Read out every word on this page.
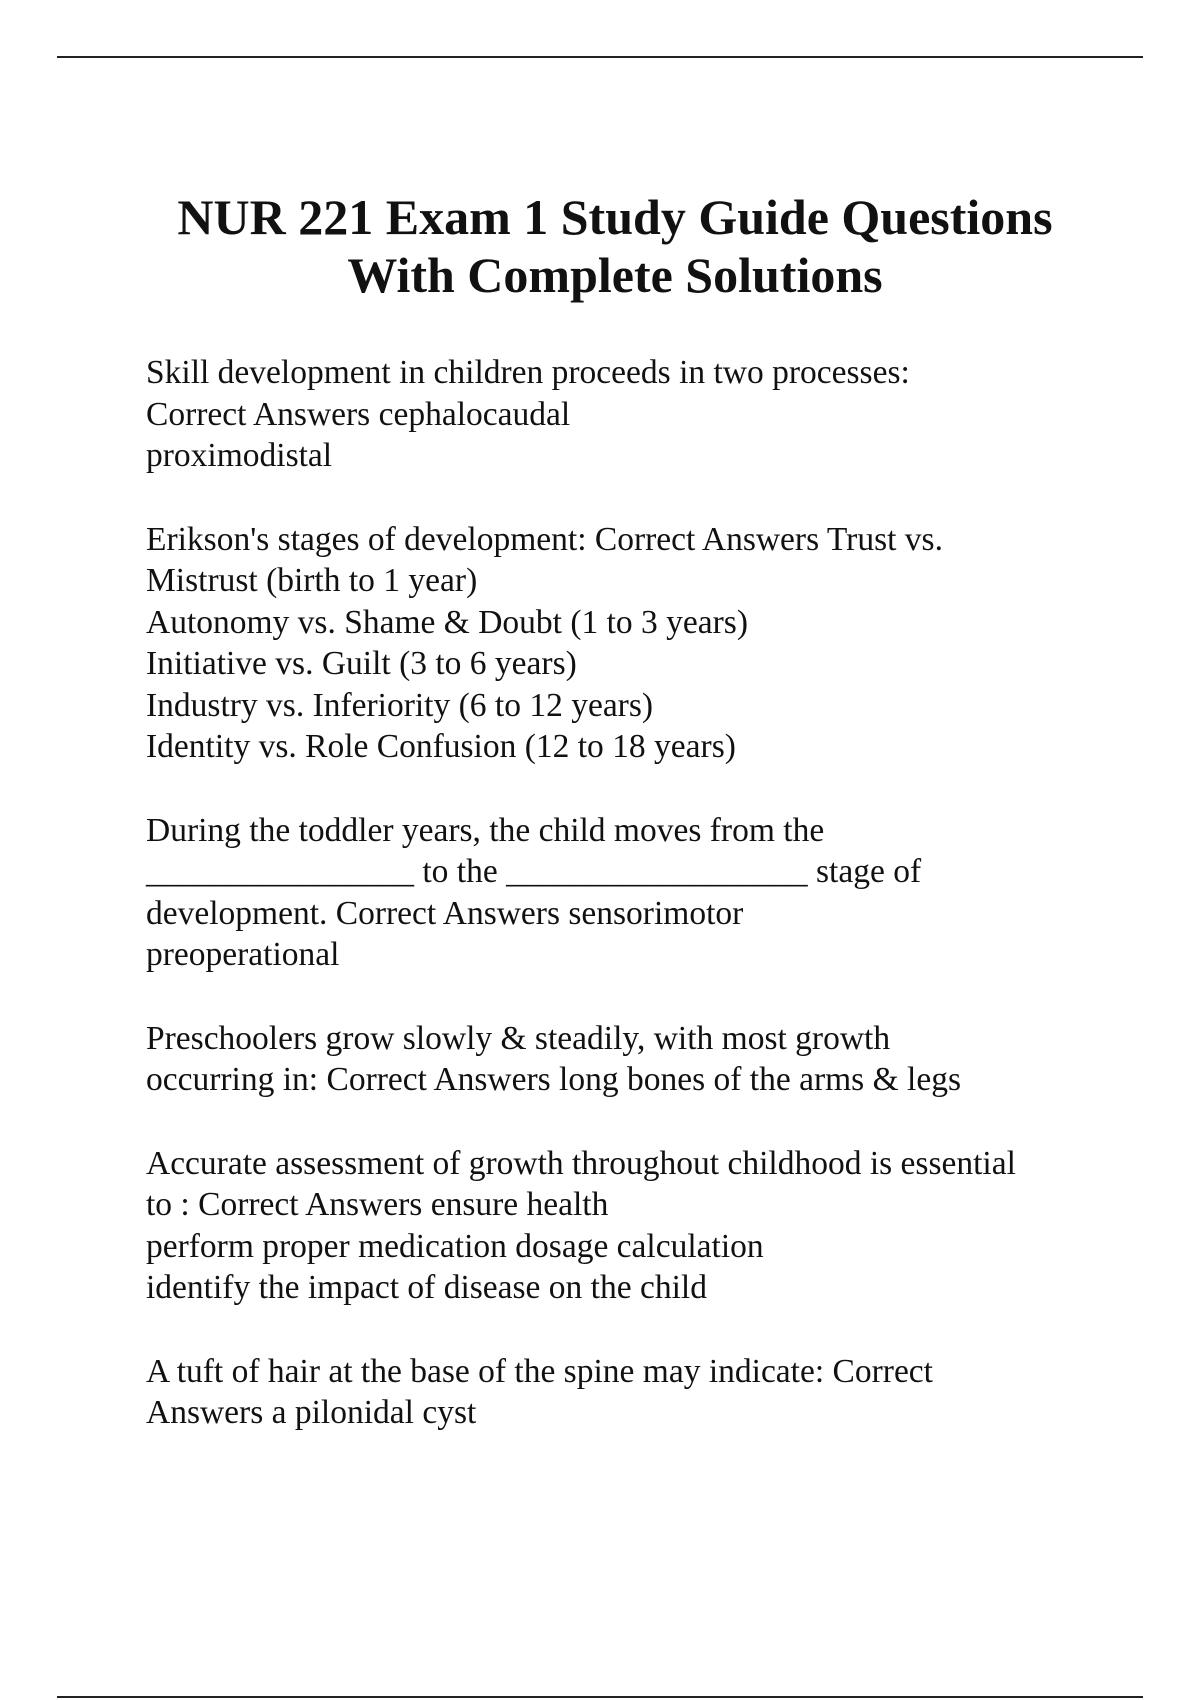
NUR 221 Exam 1 Study Guide Questions
With Complete Solutions
Skill development in children proceeds in two processes:
Correct Answers cephalocaudal
proximodistal
Erikson's stages of development: Correct Answers Trust vs.
Mistrust (birth to 1 year)
Autonomy vs. Shame & Doubt (1 to 3 years)
Initiative vs. Guilt (3 to 6 years)
Industry vs. Inferiority (6 to 12 years)
Identity vs. Role Confusion (12 to 18 years)
During the toddler years, the child moves from the
________________ to the __________________ stage of
development. Correct Answers sensorimotor
preoperational
Preschoolers grow slowly & steadily, with most growth
occurring in: Correct Answers long bones of the arms & legs
Accurate assessment of growth throughout childhood is essential
to : Correct Answers ensure health
perform proper medication dosage calculation
identify the impact of disease on the child
A tuft of hair at the base of the spine may indicate: Correct
Answers a pilonidal cyst
